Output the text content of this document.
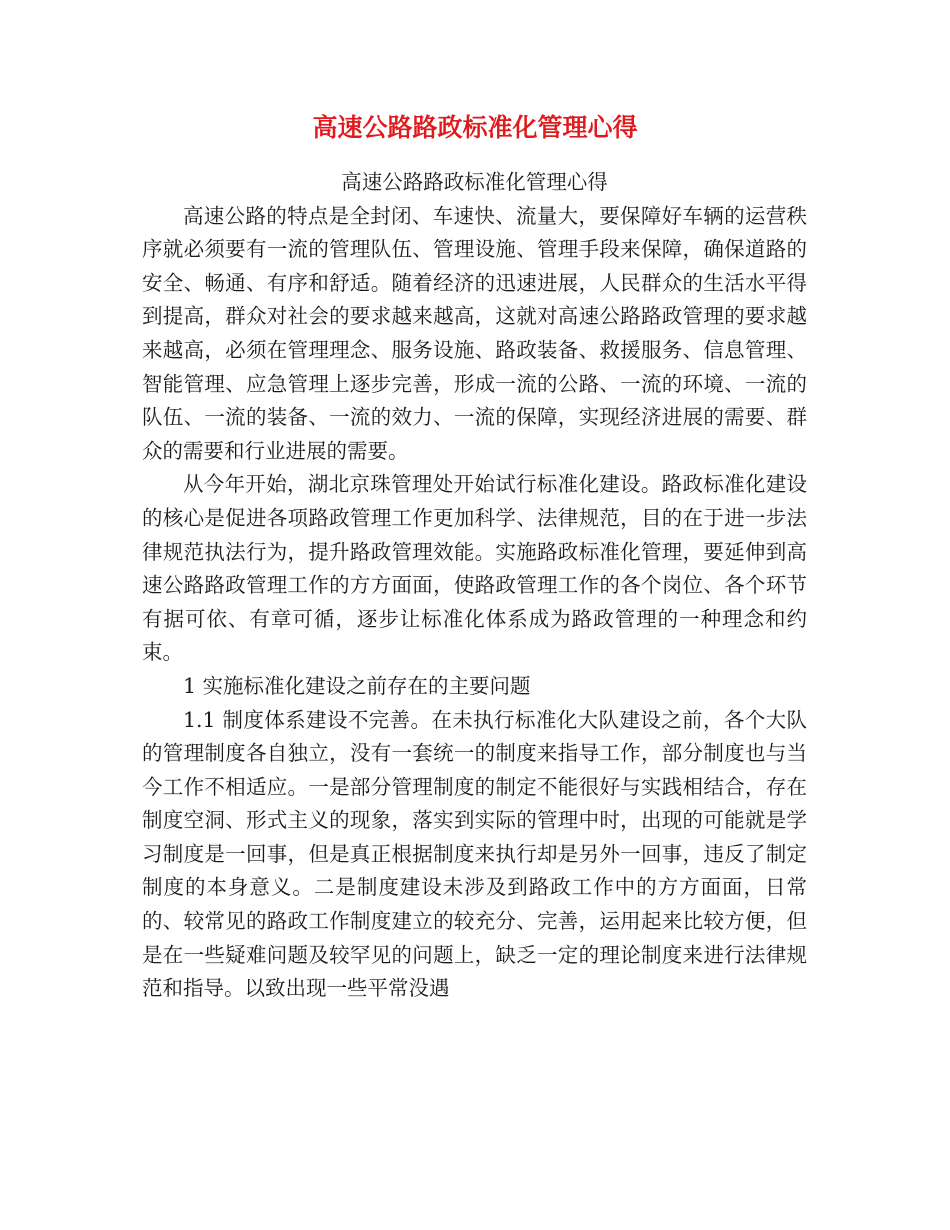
高速公路路政标准化管理心得

高速公路路政标准化管理心得

高速公路的特点是全封闭、车速快、流量大，要保障好车辆的运营秩序就必须要有一流的管理队伍、管理设施、管理手段来保障，确保道路的安全、畅通、有序和舒适。随着经济的迅速进展，人民群众的生活水平得到提高，群众对社会的要求越来越高，这就对高速公路路政管理的要求越来越高，必须在管理理念、服务设施、路政装备、救援服务、信息管理、智能管理、应急管理上逐步完善，形成一流的公路、一流的环境、一流的队伍、一流的装备、一流的效力、一流的保障，实现经济进展的需要、群众的需要和行业进展的需要。

从今年开始，湖北京珠管理处开始试行标准化建设。路政标准化建设的核心是促进各项路政管理工作更加科学、法律规范，目的在于进一步法律规范执法行为，提升路政管理效能。实施路政标准化管理，要延伸到高速公路路政管理工作的方方面面，使路政管理工作的各个岗位、各个环节有据可依、有章可循，逐步让标准化体系成为路政管理的一种理念和约束。

1 实施标准化建设之前存在的主要问题

1.1 制度体系建设不完善。在未执行标准化大队建设之前，各个大队的管理制度各自独立，没有一套统一的制度来指导工作，部分制度也与当今工作不相适应。一是部分管理制度的制定不能很好与实践相结合，存在制度空洞、形式主义的现象，落实到实际的管理中时，出现的可能就是学习制度是一回事，但是真正根据制度来执行却是另外一回事，违反了制定制度的本身意义。二是制度建设未涉及到路政工作中的方方面面，日常的、较常见的路政工作制度建立的较充分、完善，运用起来比较方便，但是在一些疑难问题及较罕见的问题上，缺乏一定的理论制度来进行法律规范和指导。以致出现一些平常没遇
